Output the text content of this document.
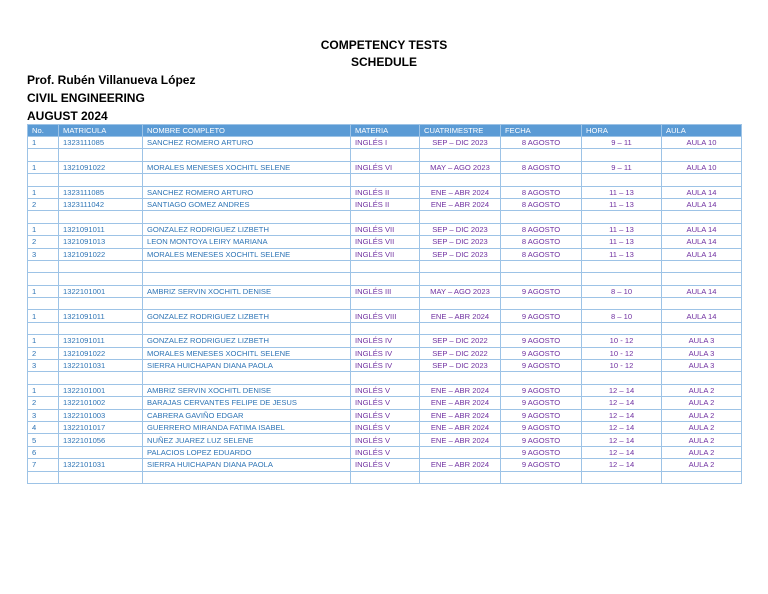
COMPETENCY TESTS
SCHEDULE
Prof. Rubén Villanueva López
CIVIL ENGINEERING
AUGUST 2024
No.	MATRICULA	NOMBRE COMPLETO	MATERIA	CUATRIMESTRE	FECHA	HORA	AULA
1	1323111085	SANCHEZ ROMERO ARTURO	INGLÉS I	SEP – DIC 2023	8 AGOSTO	9 – 11	AULA 10

1	1321091022	MORALES MENESES XOCHITL SELENE	INGLÉS VI	MAY – AGO 2023	8 AGOSTO	9 – 11	AULA 10

1	1323111085	SANCHEZ ROMERO ARTURO	INGLÉS II	ENE – ABR 2024	8 AGOSTO	11 – 13	AULA 14
2	1323111042	SANTIAGO GOMEZ ANDRES	INGLÉS II	ENE – ABR 2024	8 AGOSTO	11 – 13	AULA 14

1	1321091011	GONZALEZ RODRIGUEZ LIZBETH	INGLÉS VII	SEP – DIC 2023	8 AGOSTO	11 – 13	AULA 14
2	1321091013	LEON MONTOYA LEIRY MARIANA	INGLÉS VII	SEP – DIC 2023	8 AGOSTO	11 – 13	AULA 14
3	1321091022	MORALES MENESES XOCHITL SELENE	INGLÉS VII	SEP – DIC 2023	8 AGOSTO	11 – 13	AULA 14

1	1322101001	AMBRIZ SERVIN XOCHITL DENISE	INGLÉS III	MAY – AGO 2023	9 AGOSTO	8 – 10	AULA 14

1	1321091011	GONZALEZ RODRIGUEZ LIZBETH	INGLÉS VIII	ENE – ABR 2024	9 AGOSTO	8 – 10	AULA 14

1	1321091011	GONZALEZ RODRIGUEZ LIZBETH	INGLÉS IV	SEP – DIC 2022	9 AGOSTO	10 - 12	AULA 3
2	1321091022	MORALES MENESES XOCHITL SELENE	INGLÉS IV	SEP – DIC 2022	9 AGOSTO	10 - 12	AULA 3
3	1322101031	SIERRA HUICHAPAN DIANA PAOLA	INGLÉS IV	SEP – DIC 2023	9 AGOSTO	10 - 12	AULA 3

1	1322101001	AMBRIZ SERVIN XOCHITL DENISE	INGLÉS V	ENE – ABR 2024	9 AGOSTO	12 – 14	AULA 2
2	1322101002	BARAJAS CERVANTES FELIPE DE JESUS	INGLÉS V	ENE – ABR 2024	9 AGOSTO	12 – 14	AULA 2
3	1322101003	CABRERA GAVIÑO EDGAR	INGLÉS V	ENE – ABR 2024	9 AGOSTO	12 – 14	AULA 2
4	1322101017	GUERRERO MIRANDA FATIMA ISABEL	INGLÉS V	ENE – ABR 2024	9 AGOSTO	12 – 14	AULA 2
5	1322101056	NUÑEZ JUAREZ LUZ SELENE	INGLÉS V	ENE – ABR 2024	9 AGOSTO	12 – 14	AULA 2
6		PALACIOS LOPEZ EDUARDO	INGLÉS V		9 AGOSTO	12 – 14	AULA 2
7	1322101031	SIERRA HUICHAPAN DIANA PAOLA	INGLÉS V	ENE – ABR 2024	9 AGOSTO	12 – 14	AULA 2
